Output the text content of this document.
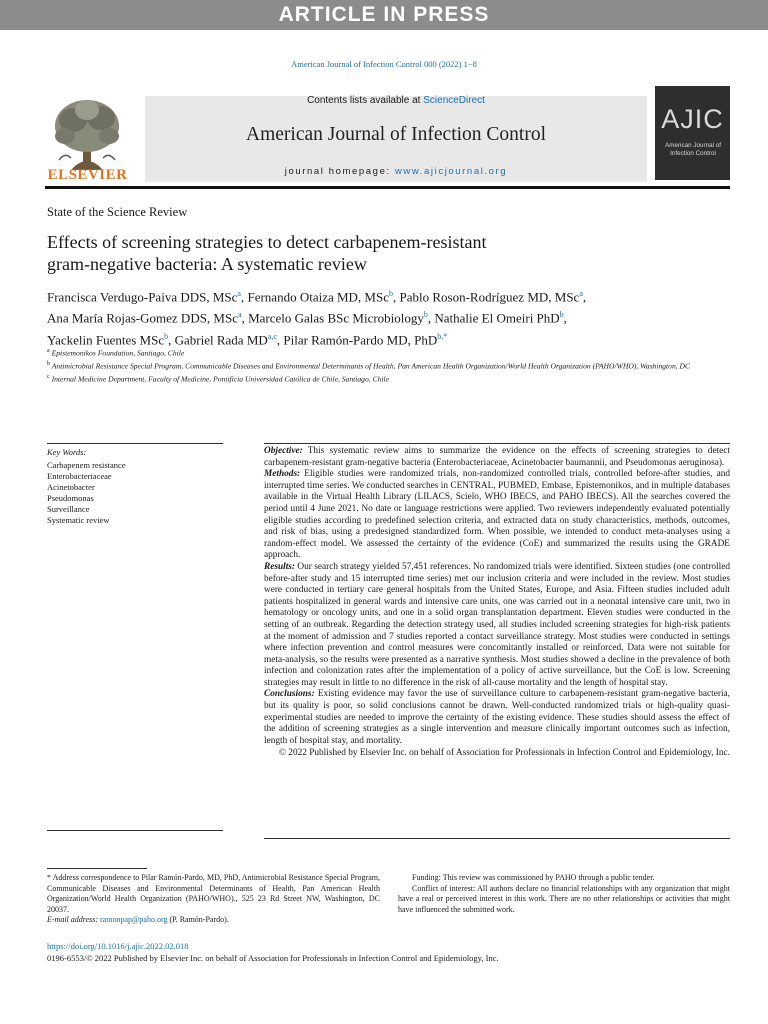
ARTICLE IN PRESS
American Journal of Infection Control 000 (2022) 1−8
ELSEVIER
Contents lists available at ScienceDirect
American Journal of Infection Control
journal homepage: www.ajicjournal.org
AJIC
American Journal of
Infection Control
State of the Science Review
Effects of screening strategies to detect carbapenem-resistant
gram-negative bacteria: A systematic review
Francisca Verdugo-Paiva DDS, MSc$^a$, Fernando Otaiza MD, MSc$^b$, Pablo Roson-Rodríguez MD, MSc$^a$,
Ana María Rojas-Gomez DDS, MSc$^a$, Marcelo Galas BSc Microbiology$^b$, Nathalie El Omeiri PhD$^b$,
Yackelin Fuentes MSc$^b$, Gabriel Rada MD$^{a,c}$, Pilar Ramón-Pardo MD, PhD$^{b,*}$
$^a$ Epistemonikos Foundation, Santiago, Chile
$^b$ Antimicrobial Resistance Special Program, Communicable Diseases and Environmental Determinants of Health, Pan American Health Organization/World Health Organization (PAHO/WHO), Washington, DC
$^c$ Internal Medicine Department, Faculty of Medicine, Pontificia Universidad Católica de Chile, Santiago, Chile
Key Words:
Carbapenem resistance
Enterobacteriaceae
Acinetobacter
Pseudomonas
Surveillance
Systematic review

Objective: This systematic review aims to summarize the evidence on the effects of screening strategies to detect carbapenem-resistant gram-negative bacteria (Enterobacteriaceae, Acinetobacter baumannii, and Pseudomonas aeruginosa).

Methods: Eligible studies were randomized trials, non-randomized controlled trials, controlled before-after studies, and interrupted time series. We conducted searches in CENTRAL, PUBMED, Embase, Epistemonikos, and in multiple databases available in the Virtual Health Library (LILACS, Scielo, WHO IBECS, and PAHO IBECS). All the searches covered the period until 4 June 2021. No date or language restrictions were applied. Two reviewers independently evaluated potentially eligible studies according to predefined selection criteria, and extracted data on study characteristics, methods, outcomes, and risk of bias, using a predesigned standardized form. When possible, we intended to conduct meta-analyses using a random-effect model. We assessed the certainty of the evidence (CoE) and summarized the results using the GRADE approach.

Results: Our search strategy yielded 57,451 references. No randomized trials were identified. Sixteen studies (one controlled before-after study and 15 interrupted time series) met our inclusion criteria and were included in the review. Most studies were conducted in tertiary care general hospitals from the United States, Europe, and Asia. Fifteen studies included adult patients hospitalized in general wards and intensive care units, one was carried out in a neonatal intensive care unit, two in hematology or oncology units, and one in a solid organ transplantation department. Eleven studies were conducted in the setting of an outbreak. Regarding the detection strategy used, all studies included screening strategies for high-risk patients at the moment of admission and 7 studies reported a contact surveillance strategy. Most studies were conducted in settings where infection prevention and control measures were concomitantly installed or reinforced. Data were not suitable for meta-analysis, so the results were presented as a narrative synthesis. Most studies showed a decline in the prevalence of both infection and colonization rates after the implementation of a policy of active surveillance, but the CoE is low. Screening strategies may result in little to no difference in the risk of all-cause mortality and the length of hospital stay.

Conclusions: Existing evidence may favor the use of surveillance culture to carbapenem-resistant gram-negative bacteria, but its quality is poor, so solid conclusions cannot be drawn. Well-conducted randomized trials or high-quality quasi-experimental studies are needed to improve the certainty of the existing evidence. These studies should assess the effect of the addition of screening strategies as a single intervention and measure clinically important outcomes such as infection, length of hospital stay, and mortality.

© 2022 Published by Elsevier Inc. on behalf of Association for Professionals in Infection Control and Epidemiology, Inc.

* Address correspondence to Pilar Ramón-Pardo, MD, PhD, Antimicrobial Resistance Special Program, Communicable Diseases and Environmental Determinants of Health, Pan American Health Organization/World Health Organization (PAHO/WHO)., 525 23 Rd Street NW, Washington, DC 20037.

E-mail address: ramonpap@paho.org (P. Ramón-Pardo).

Funding: This review was commissioned by PAHO through a public tender.

Conflict of interest: All authors declare no financial relationships with any organization that might have a real or perceived interest in this work. There are no other relationships or activities that might have influenced the submitted work.

https://doi.org/10.1016/j.ajic.2022.02.018
0196-6553/© 2022 Published by Elsevier Inc. on behalf of Association for Professionals in Infection Control and Epidemiology, Inc.
